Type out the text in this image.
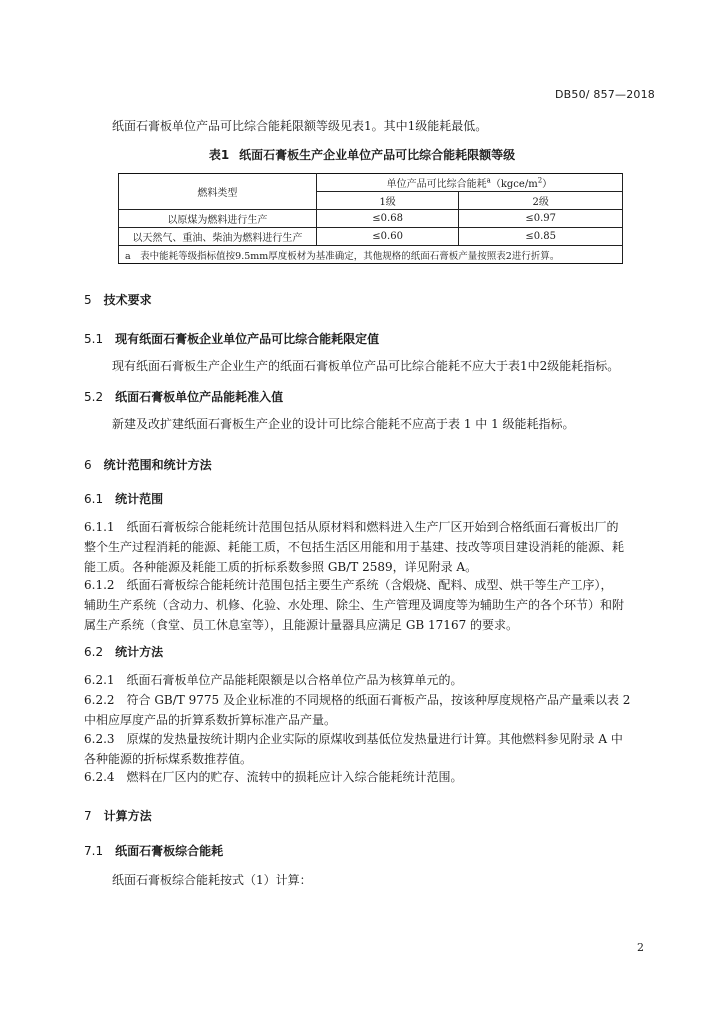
DB50/ 857—2018
纸面石膏板单位产品可比综合能耗限额等级见表1。其中1级能耗最低。
表1 纸面石膏板生产企业单位产品可比综合能耗限额等级
燃料类型	单位产品可比综合能耗$^a(kgce/m^2)$	
	1级	2级
以原煤为燃料进行生产	≤0.68	≤0.97
以天然气、重油、柴油为燃料进行生产	≤0.60	≤0.85
a　表中能耗等级指标值按9.5mm厚度板材为基准确定，其他规格的纸面石膏板产量按照表2进行折算。		
5 技术要求
5.1 现有纸面石膏板企业单位产品可比综合能耗限定值
现有纸面石膏板生产企业生产的纸面石膏板单位产品可比综合能耗不应大于表1中2级能耗指标。
5.2 纸面石膏板单位产品能耗准入值
新建及改扩建纸面石膏板生产企业的设计可比综合能耗不应高于表 1 中 1 级能耗指标。
6 统计范围和统计方法
6.1 统计范围
6.1.1　纸面石膏板综合能耗统计范围包括从原材料和燃料进入生产厂区开始到合格纸面石膏板出厂的
整个生产过程消耗的能源、耗能工质，不包括生活区用能和用于基建、技改等项目建设消耗的能源、耗
能工质。各种能源及耗能工质的折标系数参照 GB/T 2589，详见附录 A。
6.1.2　纸面石膏板综合能耗统计范围包括主要生产系统（含煅烧、配料、成型、烘干等生产工序），
辅助生产系统（含动力、机修、化验、水处理、除尘、生产管理及调度等为辅助生产的各个环节）和附
属生产系统（食堂、员工休息室等），且能源计量器具应满足 GB 17167 的要求。
6.2 统计方法
6.2.1　纸面石膏板单位产品能耗限额是以合格单位产品为核算单元的。
6.2.2　符合 GB/T 9775 及企业标准的不同规格的纸面石膏板产品，按该种厚度规格产品产量乘以表 2
中相应厚度产品的折算系数折算标准产品产量。
6.2.3　原煤的发热量按统计期内企业实际的原煤收到基低位发热量进行计算。其他燃料参见附录 A 中
各种能源的折标煤系数推荐值。
6.2.4　燃料在厂区内的贮存、流转中的损耗应计入综合能耗统计范围。
7 计算方法
7.1 纸面石膏板综合能耗
纸面石膏板综合能耗按式（1）计算：
2
